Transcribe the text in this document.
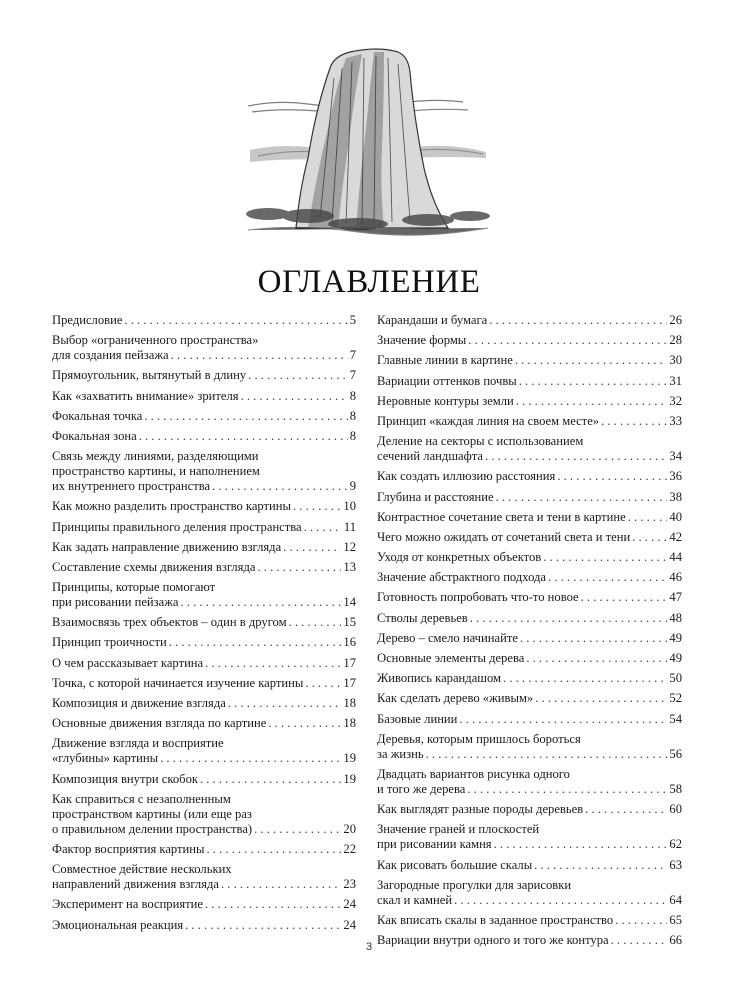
ОГЛАВЛЕНИЕ
Предисловие . . .	5
Выбор «ограниченного пространства»
для создания пейзажа . . .	7
Прямоугольник, вытянутый в длину . . .	7
Как «захватить внимание» зрителя . . .	8
Фокальная точка . . .	8
Фокальная зона . . .	8
Связь между линиями, разделяющими
пространство картины, и наполнением
их внутреннего пространства . . .	9
Как можно разделить пространство картины . . .	10
Принципы правильного деления пространства . . .	11
Как задать направление движению взгляда . . .	12
Составление схемы движения взгляда . . .	13
Принципы, которые помогают
при рисовании пейзажа . . .	14
Взаимосвязь трех объектов – один в другом . . .	15
Принцип троичности . . .	16
О чем рассказывает картина . . .	17
Точка, с которой начинается изучение картины . . .	17
Композиция и движение взгляда . . .	18
Основные движения взгляда по картине . . .	18
Движение взгляда и восприятие
«глубины» картины . . .	19
Композиция внутри скобок . . .	19
Как справиться с незаполненным
пространством картины (или еще раз
о правильном делении пространства) . . .	20
Фактор восприятия картины . . .	22
Совместное действие нескольких
направлений движения взгляда . . .	23
Эксперимент на восприятие . . .	24
Эмоциональная реакция . . .	24
Карандаши и бумага . . .	26
Значение формы . . .	28
Главные линии в картине . . .	30
Вариации оттенков почвы . . .	31
Неровные контуры земли . . .	32
Принцип «каждая линия на своем месте» . . .	33
Деление на секторы с использованием
сечений ландшафта . . .	34
Как создать иллюзию расстояния . . .	36
Глубина и расстояние . . .	38
Контрастное сочетание света и тени в картине . . .	40
Чего можно ожидать от сочетаний света и тени . . .	42
Уходя от конкретных объектов . . .	44
Значение абстрактного подхода . . .	46
Готовность попробовать что-то новое . . .	47
Стволы деревьев . . .	48
Дерево – смело начинайте . . .	49
Основные элементы дерева . . .	49
Живопись карандашом . . .	50
Как сделать дерево «живым» . . .	52
Базовые линии . . .	54
Деревья, которым пришлось бороться
за жизнь . . .	56
Двадцать вариантов рисунка одного
и того же дерева . . .	58
Как выглядят разные породы деревьев . . .	60
Значение граней и плоскостей
при рисовании камня . . .	62
Как рисовать большие скалы . . .	63
Загородные прогулки для зарисовки
скал и камней . . .	64
Как вписать скалы в заданное пространство . . .	65
Вариации внутри одного и того же контура . . .	66
3
